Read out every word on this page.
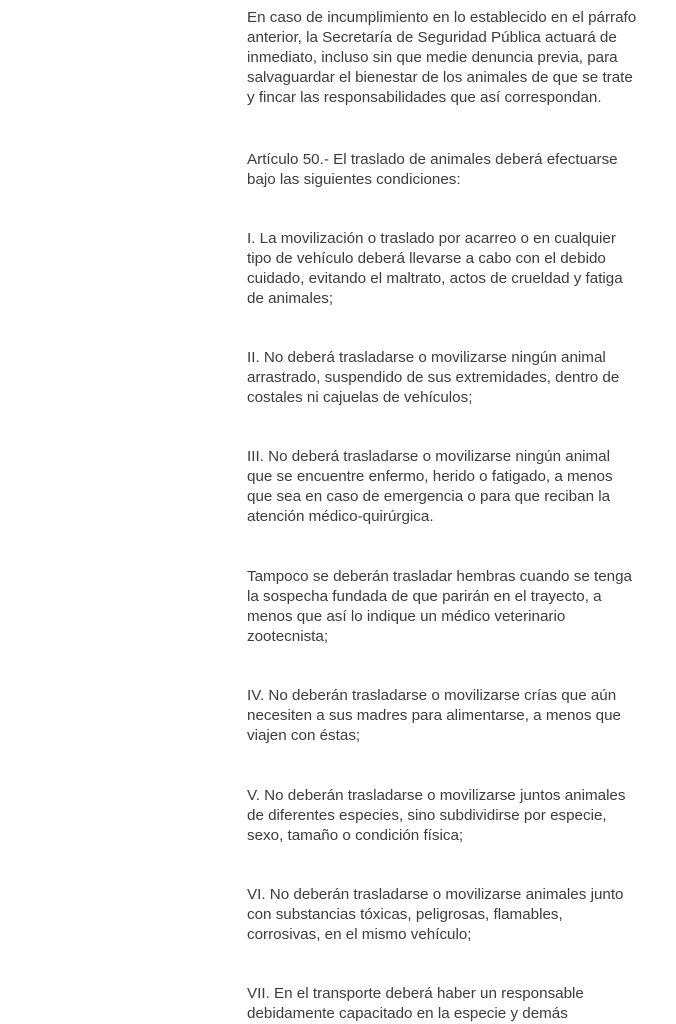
En caso de incumplimiento en lo establecido en el párrafo
anterior, la Secretaría de Seguridad Pública actuará de
inmediato, incluso sin que medie denuncia previa, para
salvaguardar el bienestar de los animales de que se trate
y fincar las responsabilidades que así correspondan.

Artículo 50.- El traslado de animales deberá efectuarse
bajo las siguientes condiciones:

I. La movilización o traslado por acarreo o en cualquier
tipo de vehículo deberá llevarse a cabo con el debido
cuidado, evitando el maltrato, actos de crueldad y fatiga
de animales;

II. No deberá trasladarse o movilizarse ningún animal
arrastrado, suspendido de sus extremidades, dentro de
costales ni cajuelas de vehículos;

III. No deberá trasladarse o movilizarse ningún animal
que se encuentre enfermo, herido o fatigado, a menos
que sea en caso de emergencia o para que reciban la
atención médico-quirúrgica.

Tampoco se deberán trasladar hembras cuando se tenga
la sospecha fundada de que parirán en el trayecto, a
menos que así lo indique un médico veterinario
zootecnista;

IV. No deberán trasladarse o movilizarse crías que aún
necesiten a sus madres para alimentarse, a menos que
viajen con éstas;

V. No deberán trasladarse o movilizarse juntos animales
de diferentes especies, sino subdividirse por especie,
sexo, tamaño o condición física;

VI. No deberán trasladarse o movilizarse animales junto
con substancias tóxicas, peligrosas, flamables,
corrosivas, en el mismo vehículo;

VII. En el transporte deberá haber un responsable
debidamente capacitado en la especie y demás
